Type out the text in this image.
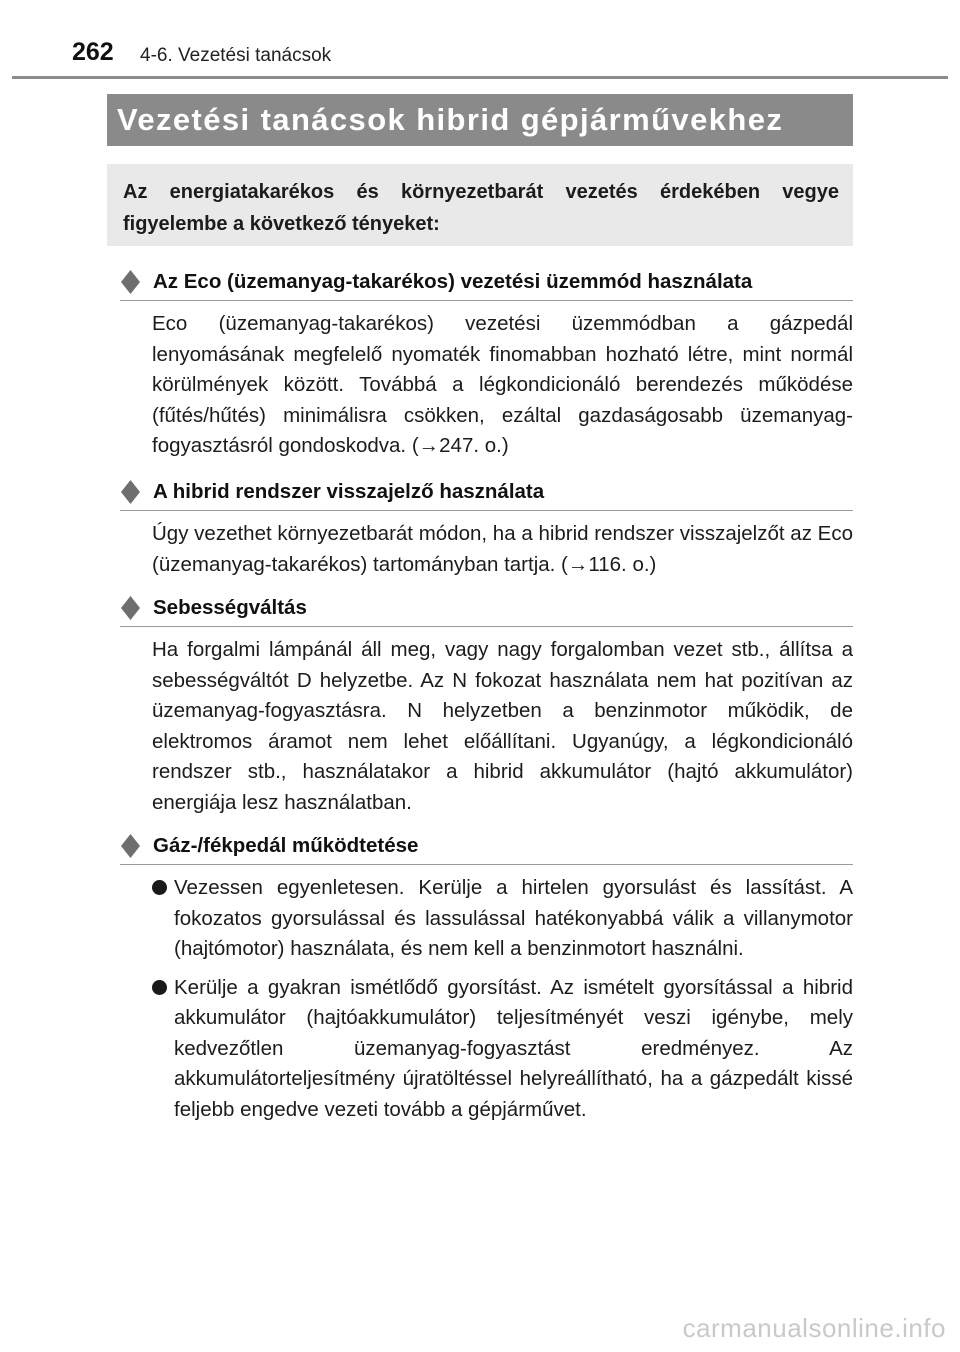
262 4-6. Vezetési tanácsok
Vezetési tanácsok hibrid gépjárművekhez
Az energiatakarékos és környezetbarát vezetés érdekében vegye figyelembe a következő tényeket:
Az Eco (üzemanyag-takarékos) vezetési üzemmód használata
Eco (üzemanyag-takarékos) vezetési üzemmódban a gázpedál lenyomásának megfelelő nyomaték finomabban hozható létre, mint normál körülmények között. Továbbá a légkondicionáló berendezés működése (fűtés/hűtés) minimálisra csökken, ezáltal gazdaságosabb üzemanyag-fogyasztásról gondoskodva. (→247. o.)
A hibrid rendszer visszajelző használata
Úgy vezethet környezetbarát módon, ha a hibrid rendszer visszajelzőt az Eco (üzemanyag-takarékos) tartományban tartja. (→116. o.)
Sebességváltás
Ha forgalmi lámpánál áll meg, vagy nagy forgalomban vezet stb., állítsa a sebességváltót D helyzetbe. Az N fokozat használata nem hat pozitívan az üzemanyag-fogyasztásra. N helyzetben a benzinmotor működik, de elektromos áramot nem lehet előállítani. Ugyanúgy, a légkondicionáló rendszer stb., használatakor a hibrid akkumulátor (hajtó akkumulátor) energiája lesz használatban.
Gáz-/fékpedál működtetése
Vezessen egyenletesen. Kerülje a hirtelen gyorsulást és lassítást. A fokozatos gyorsulással és lassulással hatékonyabbá válik a villanymotor (hajtómotor) használata, és nem kell a benzinmotort használni.
Kerülje a gyakran ismétlődő gyorsítást. Az ismételt gyorsítással a hibrid akkumulátor (hajtóakkumulátor) teljesítményét veszi igénybe, mely kedvezőtlen üzemanyag-fogyasztást eredményez. Az akkumulátorteljesítmény újratöltéssel helyreállítható, ha a gázpedált kissé feljebb engedve vezeti tovább a gépjárművet.
carmanualsonline.info
